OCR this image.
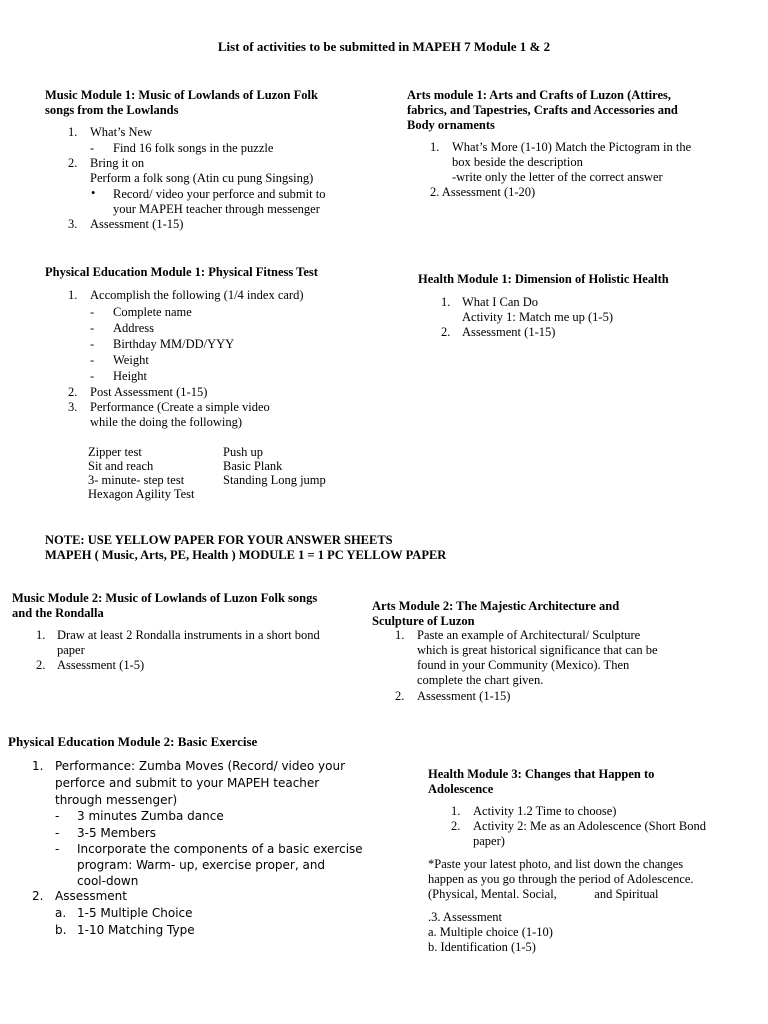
List of activities to be submitted in MAPEH 7 Module 1 & 2
Music Module 1: Music of Lowlands of Luzon Folk
songs from the Lowlands
1. What’s New
- Find 16 folk songs in the puzzle
2. Bring it on
Perform a folk song (Atin cu pung Singsing)
• Record/ video your perforce and submit to
your MAPEH teacher through messenger
3. Assessment (1-15)
Arts module 1: Arts and Crafts of Luzon (Attires,
fabrics, and Tapestries, Crafts and Accessories and
Body ornaments
1. What’s More (1-10) Match the Pictogram in the
box beside the description
-write only the letter of the correct answer
2. Assessment (1-20)
Physical Education Module 1: Physical Fitness Test
1. Accomplish the following (1/4 index card)
- Complete name
- Address
- Birthday MM/DD/YYY
- Weight
- Height
2. Post Assessment (1-15)
3. Performance (Create a simple video
while the doing the following)
Zipper test
Sit and reach
3- minute- step test
Hexagon Agility Test
Push up
Basic Plank
Standing Long jump
Health Module 1: Dimension of Holistic Health
1. What I Can Do
Activity 1: Match me up (1-5)
2. Assessment (1-15)
NOTE: USE YELLOW PAPER FOR YOUR ANSWER SHEETS
MAPEH ( Music, Arts, PE, Health ) MODULE 1 = 1 PC YELLOW PAPER
Music Module 2: Music of Lowlands of Luzon Folk songs
and the Rondalla
1. Draw at least 2 Rondalla instruments in a short bond
paper
2. Assessment (1-5)
Arts Module 2: The Majestic Architecture and
Sculpture of Luzon
1. Paste an example of Architectural/ Sculpture
which is great historical significance that can be
found in your Community (Mexico). Then
complete the chart given.
2. Assessment (1-15)
Physical Education Module 2: Basic Exercise
1. Performance: Zumba Moves (Record/ video your
perforce and submit to your MAPEH teacher
through messenger)
- 3 minutes Zumba dance
- 3-5 Members
- Incorporate the components of a basic exercise
program: Warm- up, exercise proper, and
cool-down
2. Assessment
a. 1-5 Multiple Choice
b. 1-10 Matching Type
Health Module 3: Changes that Happen to
Adolescence
1. Activity 1.2 Time to choose)
2. Activity 2: Me as an Adolescence (Short Bond
paper)
*Paste your latest photo, and list down the changes
happen as you go through the period of Adolescence.
(Physical, Mental. Social,            and Spiritual
.3. Assessment
a. Multiple choice (1-10)
b. Identification (1-5)
